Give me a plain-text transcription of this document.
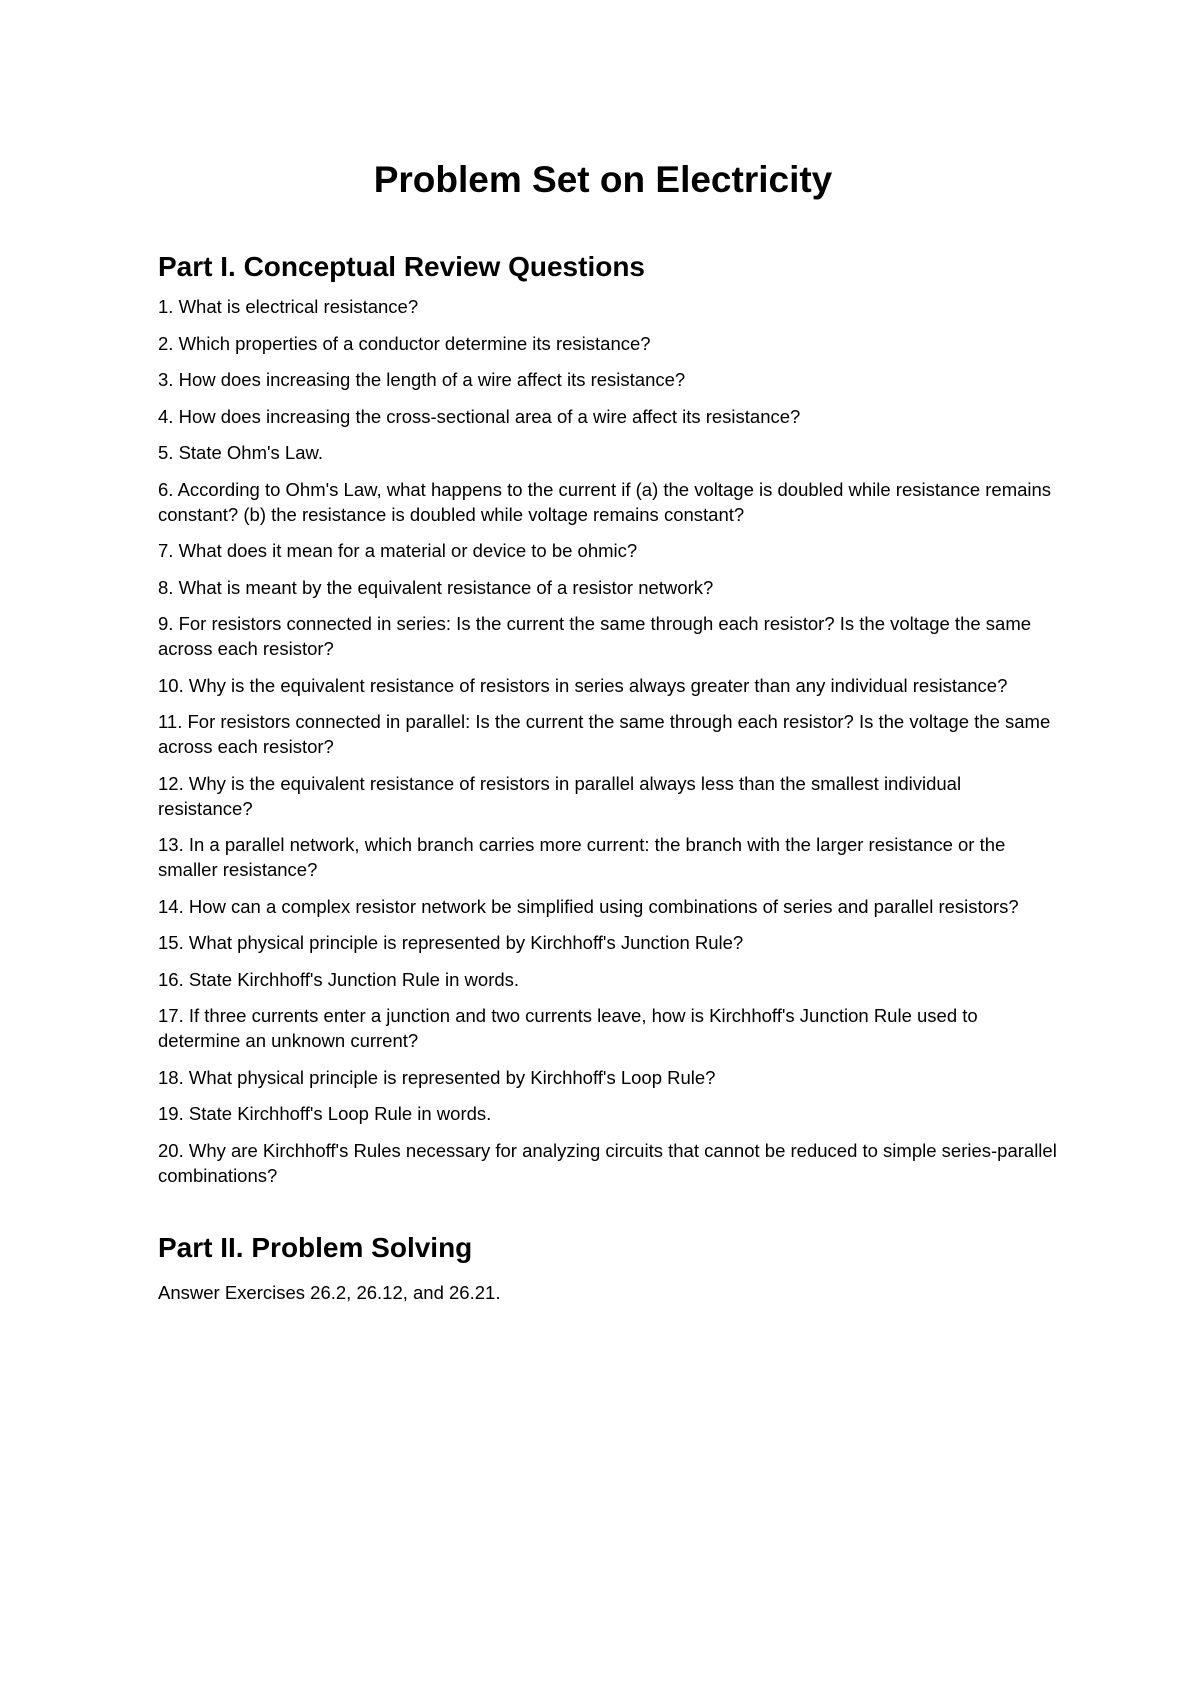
Problem Set on Electricity
Part I. Conceptual Review Questions
1. What is electrical resistance?
2. Which properties of a conductor determine its resistance?
3. How does increasing the length of a wire affect its resistance?
4. How does increasing the cross-sectional area of a wire affect its resistance?
5. State Ohm's Law.
6. According to Ohm's Law, what happens to the current if (a) the voltage is doubled while resistance remains constant? (b) the resistance is doubled while voltage remains constant?
7. What does it mean for a material or device to be ohmic?
8. What is meant by the equivalent resistance of a resistor network?
9. For resistors connected in series: Is the current the same through each resistor? Is the voltage the same across each resistor?
10. Why is the equivalent resistance of resistors in series always greater than any individual resistance?
11. For resistors connected in parallel: Is the current the same through each resistor? Is the voltage the same across each resistor?
12. Why is the equivalent resistance of resistors in parallel always less than the smallest individual resistance?
13. In a parallel network, which branch carries more current: the branch with the larger resistance or the smaller resistance?
14. How can a complex resistor network be simplified using combinations of series and parallel resistors?
15. What physical principle is represented by Kirchhoff's Junction Rule?
16. State Kirchhoff's Junction Rule in words.
17. If three currents enter a junction and two currents leave, how is Kirchhoff's Junction Rule used to determine an unknown current?
18. What physical principle is represented by Kirchhoff's Loop Rule?
19. State Kirchhoff's Loop Rule in words.
20. Why are Kirchhoff's Rules necessary for analyzing circuits that cannot be reduced to simple series-parallel combinations?
Part II. Problem Solving

Answer Exercises 26.2, 26.12, and 26.21.
